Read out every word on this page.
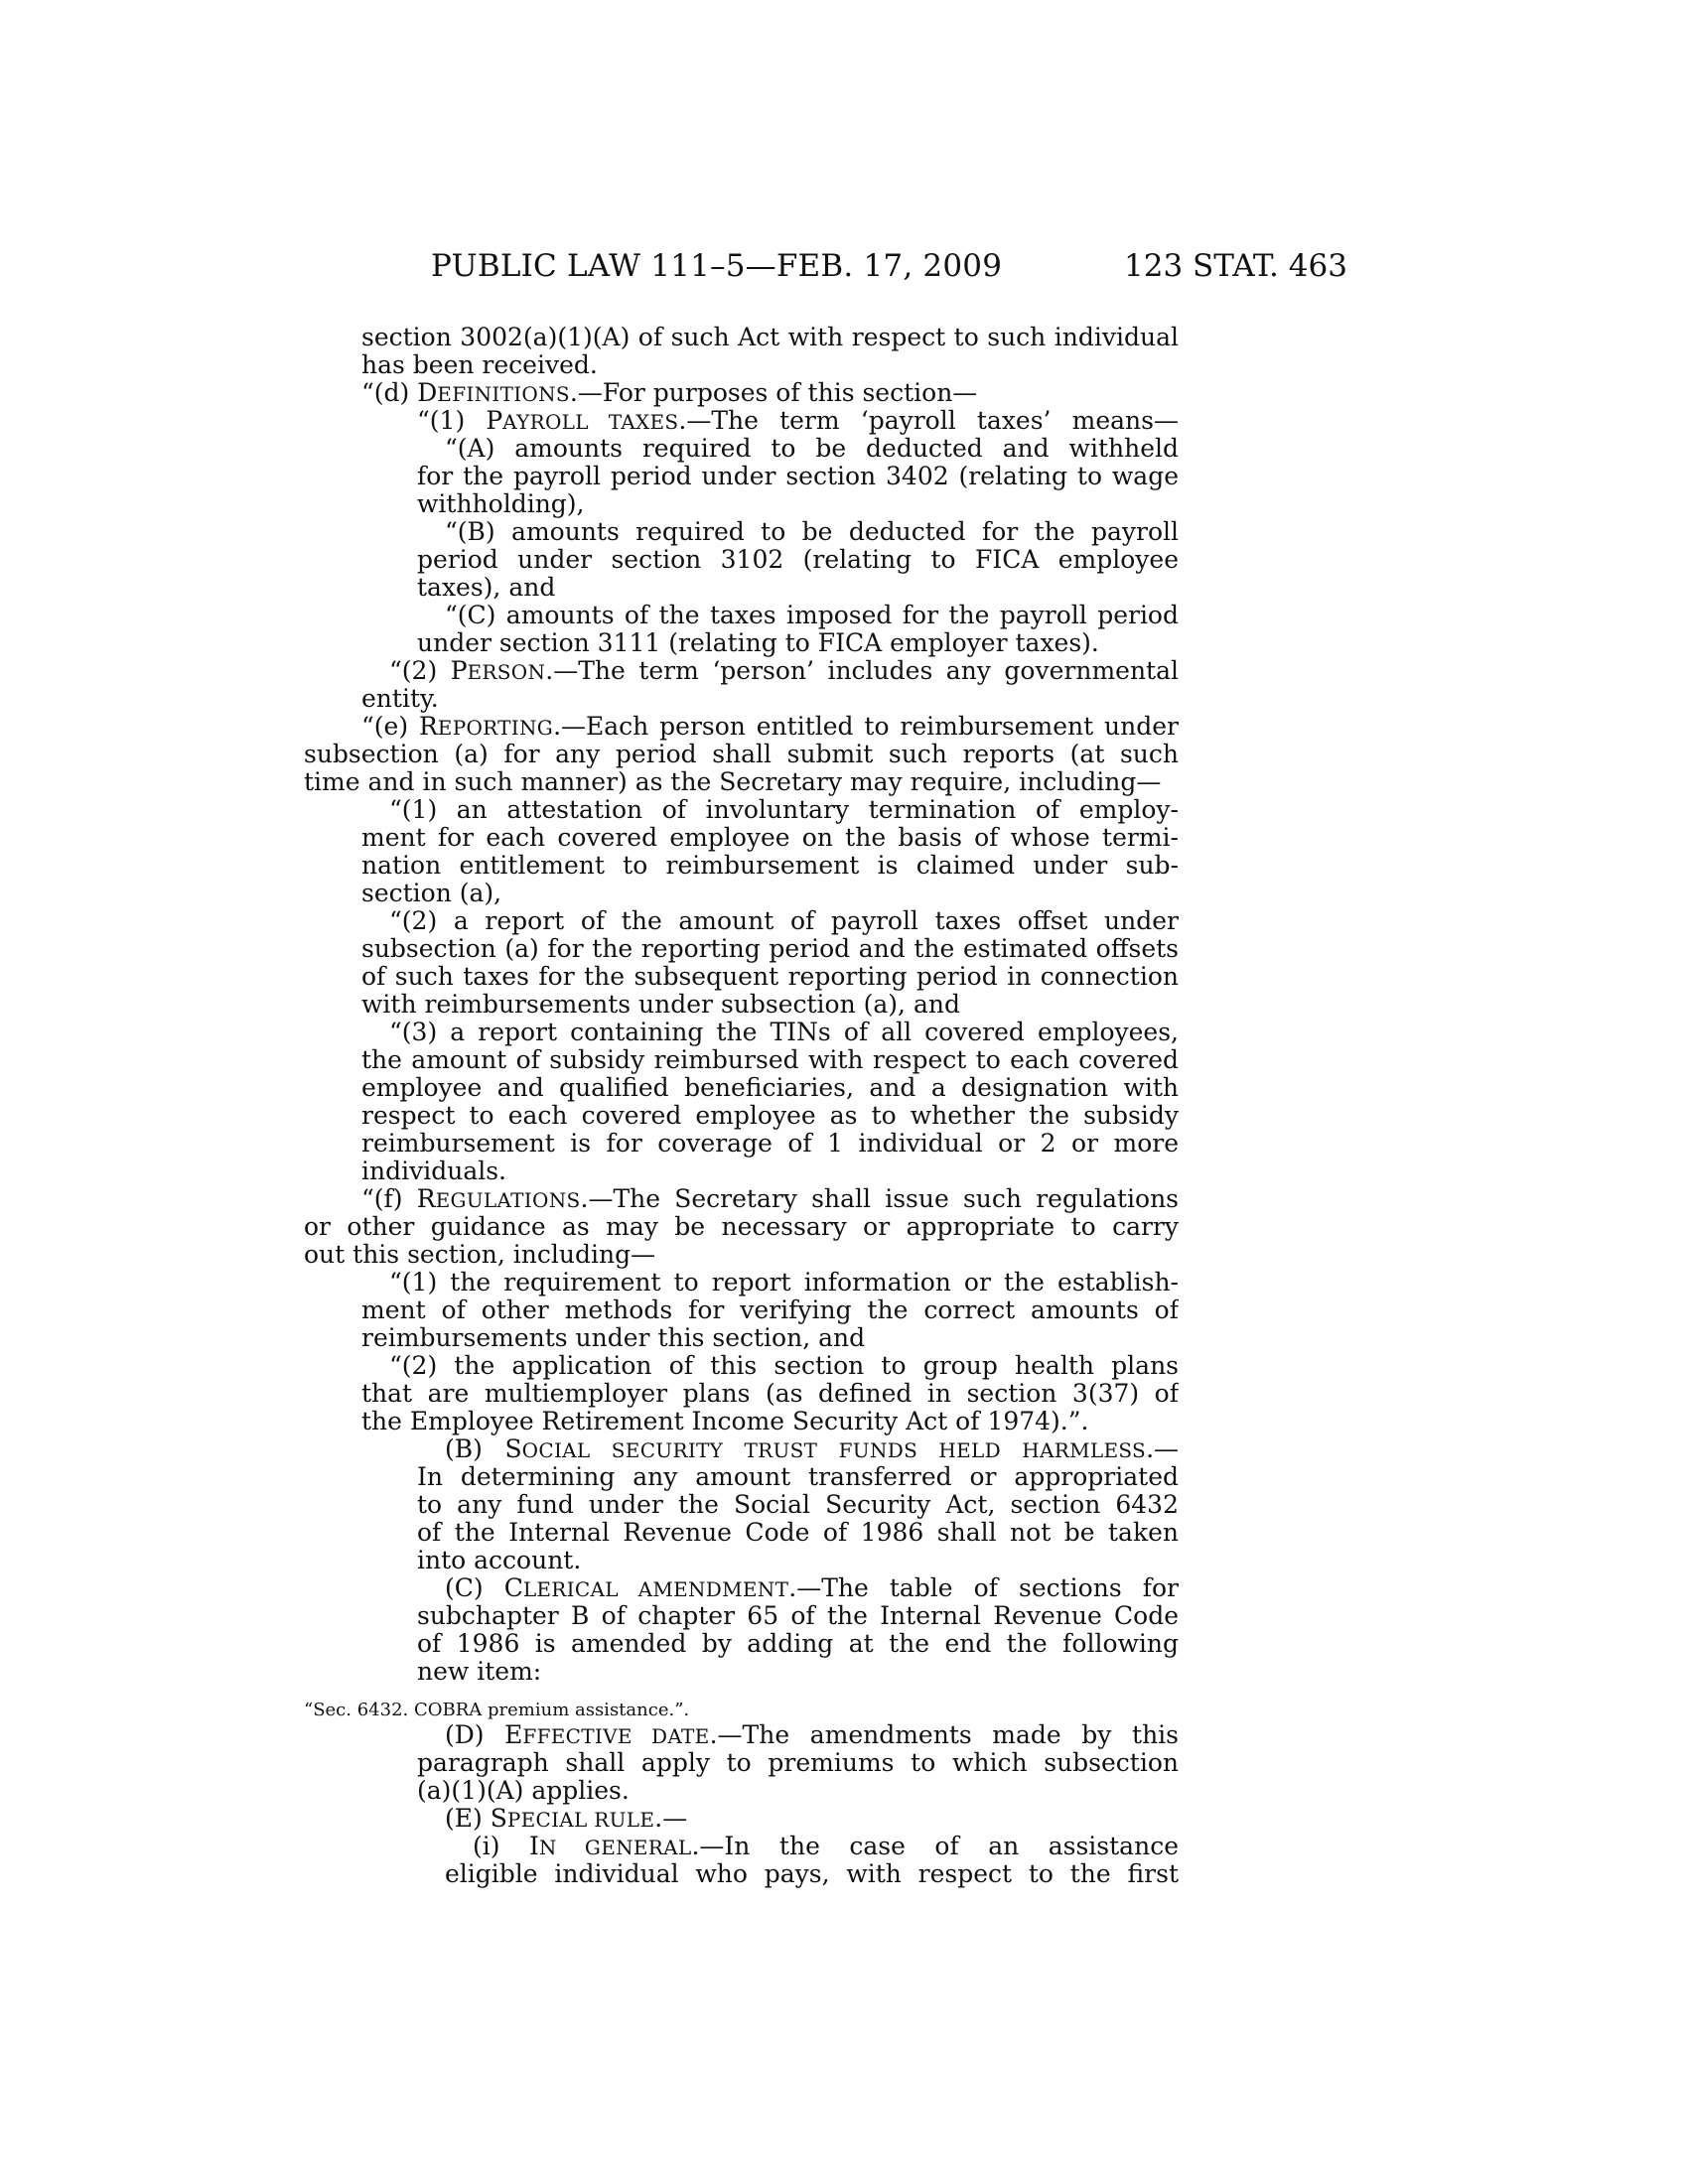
PUBLIC LAW 111–5—FEB. 17, 2009	123 STAT. 463
section 3002(a)(1)(A) of such Act with respect to such individual
has been received.
“(d) DEFINITIONS.—For purposes of this section—
“(1) PAYROLL TAXES.—The term ‘payroll taxes’ means—
“(A) amounts required to be deducted and withheld
for the payroll period under section 3402 (relating to wage
withholding),
“(B) amounts required to be deducted for the payroll
period under section 3102 (relating to FICA employee
taxes), and
“(C) amounts of the taxes imposed for the payroll period
under section 3111 (relating to FICA employer taxes).
“(2) PERSON.—The term ‘person’ includes any governmental
entity.
“(e) REPORTING.—Each person entitled to reimbursement under
subsection (a) for any period shall submit such reports (at such
time and in such manner) as the Secretary may require, including—
“(1) an attestation of involuntary termination of employ-
ment for each covered employee on the basis of whose termi-
nation entitlement to reimbursement is claimed under sub-
section (a),
“(2) a report of the amount of payroll taxes offset under
subsection (a) for the reporting period and the estimated offsets
of such taxes for the subsequent reporting period in connection
with reimbursements under subsection (a), and
“(3) a report containing the TINs of all covered employees,
the amount of subsidy reimbursed with respect to each covered
employee and qualified beneficiaries, and a designation with
respect to each covered employee as to whether the subsidy
reimbursement is for coverage of 1 individual or 2 or more
individuals.
“(f) REGULATIONS.—The Secretary shall issue such regulations
or other guidance as may be necessary or appropriate to carry
out this section, including—
“(1) the requirement to report information or the establish-
ment of other methods for verifying the correct amounts of
reimbursements under this section, and
“(2) the application of this section to group health plans
that are multiemployer plans (as defined in section 3(37) of
the Employee Retirement Income Security Act of 1974).”.
(B) SOCIAL SECURITY TRUST FUNDS HELD HARMLESS.—
In determining any amount transferred or appropriated
to any fund under the Social Security Act, section 6432
of the Internal Revenue Code of 1986 shall not be taken
into account.
(C) CLERICAL AMENDMENT.—The table of sections for
subchapter B of chapter 65 of the Internal Revenue Code
of 1986 is amended by adding at the end the following
new item:
“Sec. 6432. COBRA premium assistance.”.
(D) EFFECTIVE DATE.—The amendments made by this
paragraph shall apply to premiums to which subsection
(a)(1)(A) applies.
(E) SPECIAL RULE.—
(i) IN GENERAL.—In the case of an assistance
eligible individual who pays, with respect to the first
